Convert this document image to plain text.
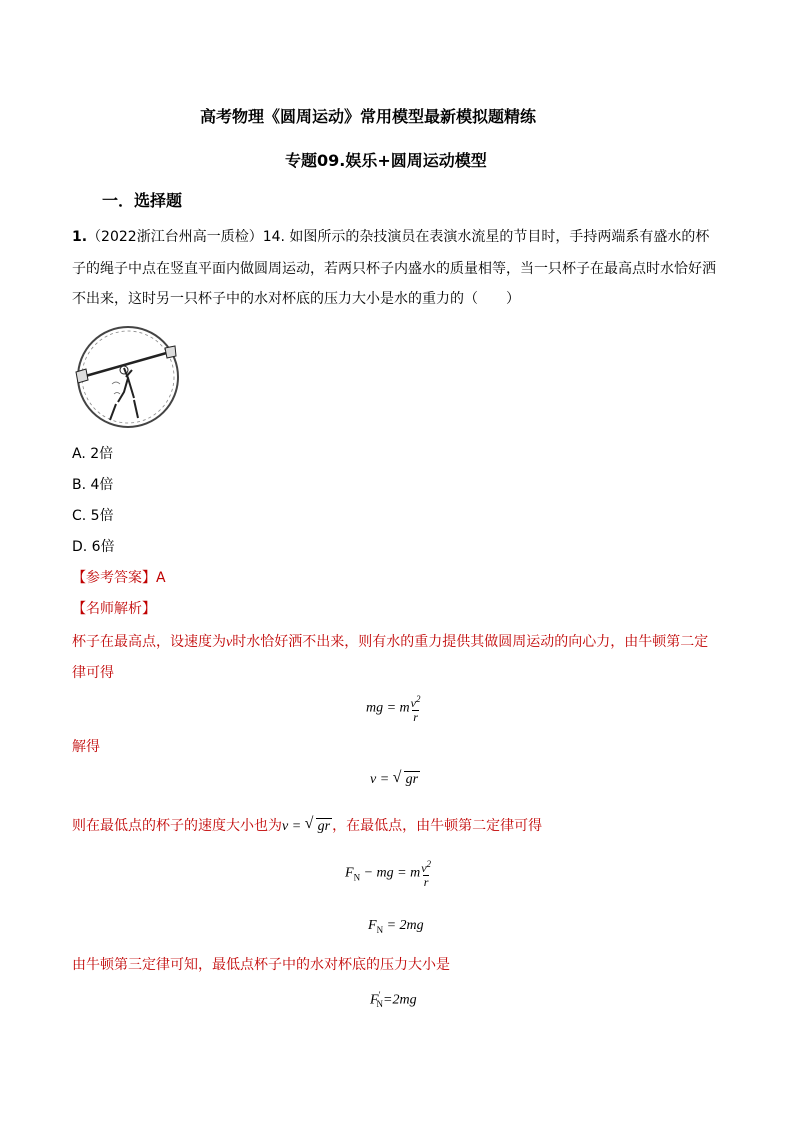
高考物理《圆周运动》常用模型最新模拟题精练
专题09.娱乐+圆周运动模型
一．选择题
1.（2022浙江台州高一质检）14. 如图所示的杂技演员在表演水流星的节目时，手持两端系有盛水的杯
子的绳子中点在竖直平面内做圆周运动，若两只杯子内盛水的质量相等，当一只杯子在最高点时水恰好洒
不出来，这时另一只杯子中的水对杯底的压力大小是水的重力的（　　）
A. 2倍
B. 4倍
C. 5倍
D. 6倍
【参考答案】A
【名师解析】
杯子在最高点，设速度为v时水恰好洒不出来，则有水的重力提供其做圆周运动的向心力，由牛顿第二定
律可得
mg = m $\frac{v^2}{r}$
解得
v = √ gr
则在最低点的杯子的速度大小也为v = √ gr ，在最低点，由牛顿第二定律可得
$F_N$ − mg = m $\frac{v^2}{r}$
$F_N = 2mg$
由牛顿第三定律可知，最低点杯子中的水对杯底的压力大小是
$F'_N=2mg$
